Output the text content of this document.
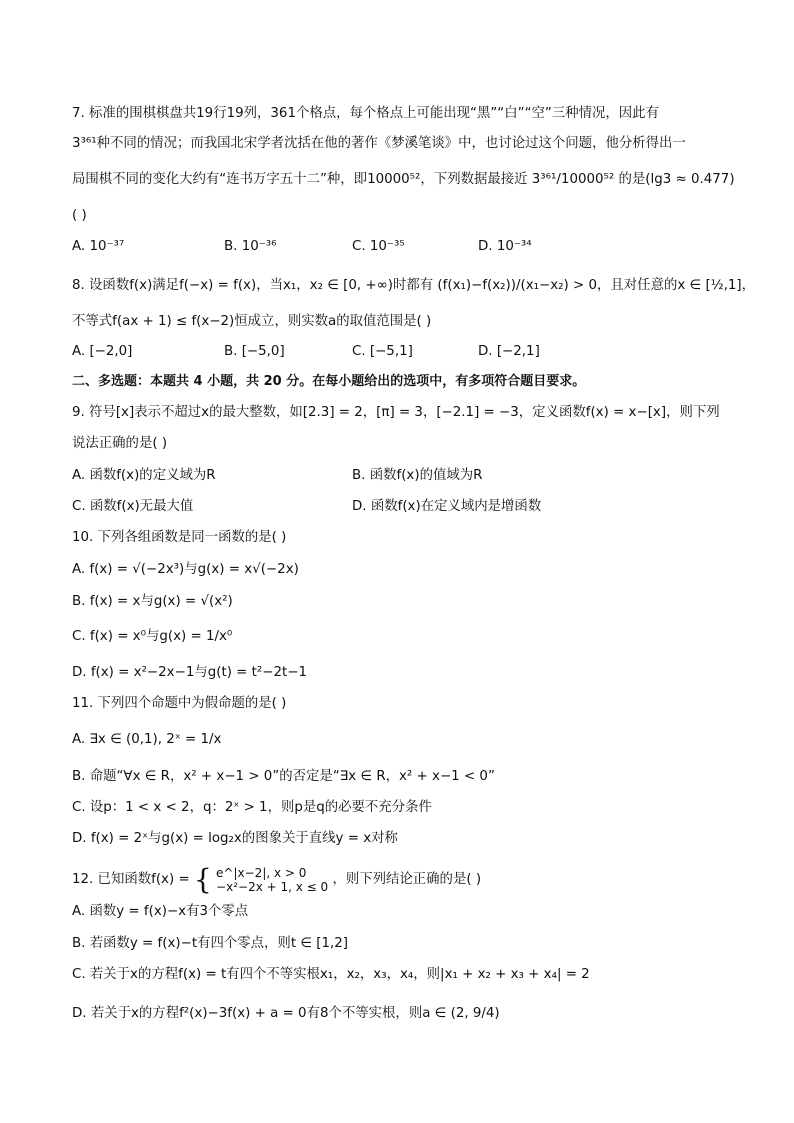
7. 标准的围棋棋盘共19行19列，361个格点，每个格点上可能出现“黑”“白”“空”三种情况，因此有
3³⁶¹种不同的情况；而我国北宋学者沈括在他的著作《梦溪笔谈》中，也讨论过这个问题，他分析得出一
局围棋不同的变化大约有“连书万字五十二”种，即10000⁵²，下列数据最接近 3³⁶¹/10000⁵² 的是(lg3 ≈ 0.477)
( )
A. 10⁻³⁷	B. 10⁻³⁶	C. 10⁻³⁵	D. 10⁻³⁴
8. 设函数f(x)满足f(−x) = f(x)，当x₁，x₂ ∈ [0, +∞)时都有 (f(x₁)−f(x₂))/(x₁−x₂) > 0，且对任意的x ∈ [½,1]，
不等式f(ax + 1) ≤ f(x−2)恒成立，则实数a的取值范围是( )
A. [−2,0]	B. [−5,0]	C. [−5,1]	D. [−2,1]
二、多选题：本题共 4 小题，共 20 分。在每小题给出的选项中，有多项符合题目要求。
9. 符号[x]表示不超过x的最大整数，如[2.3] = 2，[π] = 3，[−2.1] = −3，定义函数f(x) = x−[x]，则下列
说法正确的是( )
A. 函数f(x)的定义域为R	B. 函数f(x)的值域为R
C. 函数f(x)无最大值	D. 函数f(x)在定义域内是增函数
10. 下列各组函数是同一函数的是( )
A. f(x) = √(−2x³)与g(x) = x√(−2x)
B. f(x) = x与g(x) = √(x²)
C. f(x) = x⁰与g(x) = 1/x⁰
D. f(x) = x²−2x−1与g(t) = t²−2t−1
11. 下列四个命题中为假命题的是( )
A. ∃x ∈ (0,1), 2ˣ = 1/x
B. 命题“∀x ∈ R，x² + x−1 > 0”的否定是“∃x ∈ R，x² + x−1 < 0”
C. 设p：1 < x < 2，q：2ˣ > 1，则p是q的必要不充分条件
D. f(x) = 2ˣ与g(x) = log₂x的图象关于直线y = x对称
12. 已知函数f(x) = { e^|x−2|, x > 0
−x²−2x + 1, x ≤ 0 ，则下列结论正确的是( )
A. 函数y = f(x)−x有3个零点
B. 若函数y = f(x)−t有四个零点，则t ∈ [1,2]
C. 若关于x的方程f(x) = t有四个不等实根x₁，x₂，x₃，x₄，则|x₁ + x₂ + x₃ + x₄| = 2
D. 若关于x的方程f²(x)−3f(x) + a = 0有8个不等实根，则a ∈ (2, 9/4)
